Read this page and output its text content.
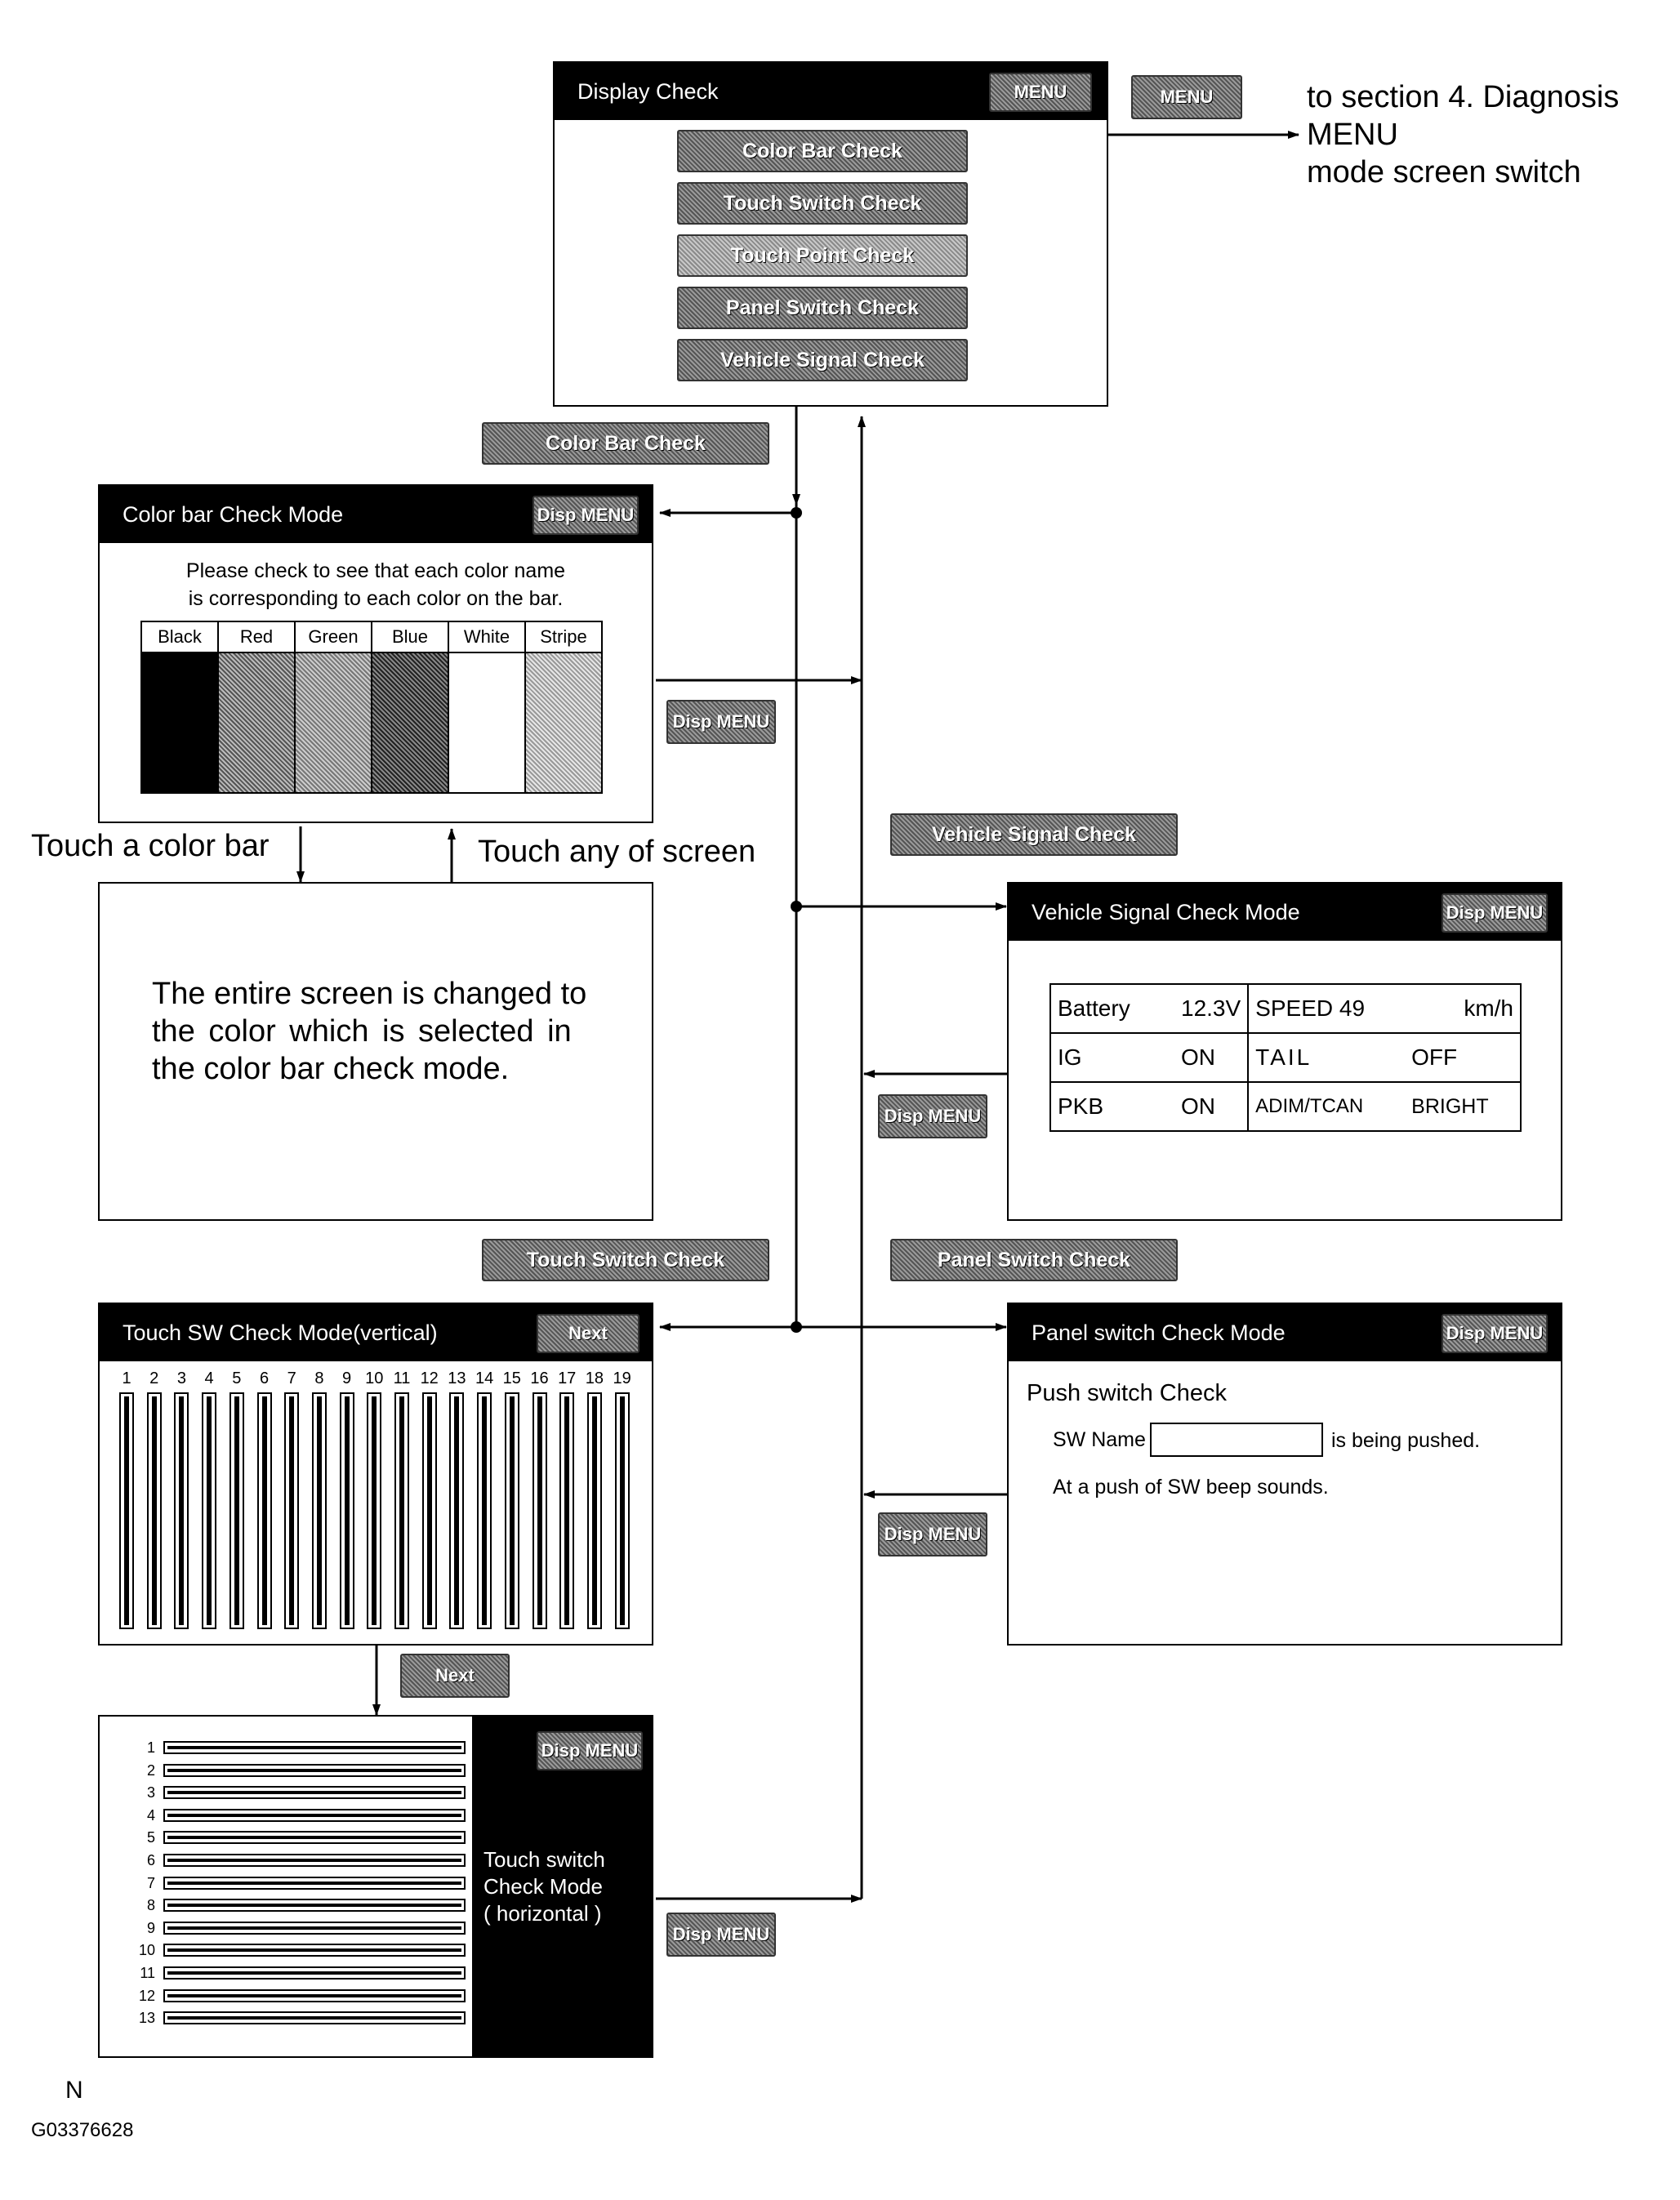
Display Check	MENU
Color Bar Check
Touch Switch Check
Touch Point Check
Panel Switch Check
Vehicle Signal Check
MENU	to section 4. Diagnosis
MENU
mode screen switch
Color Bar Check
Disp MENU
Vehicle Signal Check
Disp MENU
Touch Switch Check	Panel Switch Check
Disp MENU
Next
Disp MENU
Color bar Check Mode	Disp MENU
Please check to see that each color name
is corresponding to each color on the bar.
Black	Red	Green	Blue	White	Stripe
Touch a color bar	Touch any of screen
The entire screen is changed to
the color which is selected in
the color bar check mode.
Vehicle Signal Check Mode	Disp MENU
Battery	12.3V	SPEED 49	km/h
IG	ON	TAIL	OFF
PKB	ON	ADIM/TCAN	BRIGHT
Touch SW Check Mode(vertical)	Next
1	2	3	4	5	6	7	8	9 10 11 12 13 14 15 16 17 18 19
Panel switch Check Mode	Disp MENU
Push switch Check
SW Name	is being pushed.
At a push of SW beep sounds.
Disp MENU
Touch switch
Check Mode
( horizontal )
1
2
3
4
5
6
7
8
9
10
11
12
13
N
G03376628
